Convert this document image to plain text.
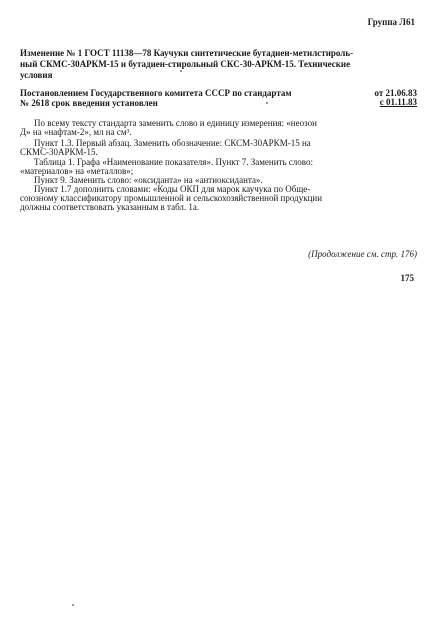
Группа Л61
Изменение № 1 ГОСТ 11138—78 Каучуки синтетические бутадиен-метилстироль-
ный СКМС-30АРКМ-15 и бутадиен-стирольный СКС-30-АРКМ-15. Технические
условия
Постановлением Государственного комитета СССР по стандартам
№ 2618 срок введения установлен
от 21.06.83
с 01.11.83
По всему тексту стандарта заменить слово и единицу измерения: «неозон
Д» на «нафтам-2», мл на см³.
Пункт 1.3. Первый абзац. Заменить обозначение: СКСМ-30АРКМ-15 на
СКМС-30АРКМ-15.
Таблица 1. Графа «Наименование показателя». Пункт 7. Заменить слово:
«материалов» на «металлов»;
Пункт 9. Заменить слово: «оксиданта» на «антиоксиданта».
Пункт 1.7 дополнить словами: «Коды ОКП для марок каучука по Обще-
союзному классификатору промышленной и сельскохозяйственной продукции
должны соответствовать указанным в табл. 1а.
(Продолжение см. стр. 176)
175
